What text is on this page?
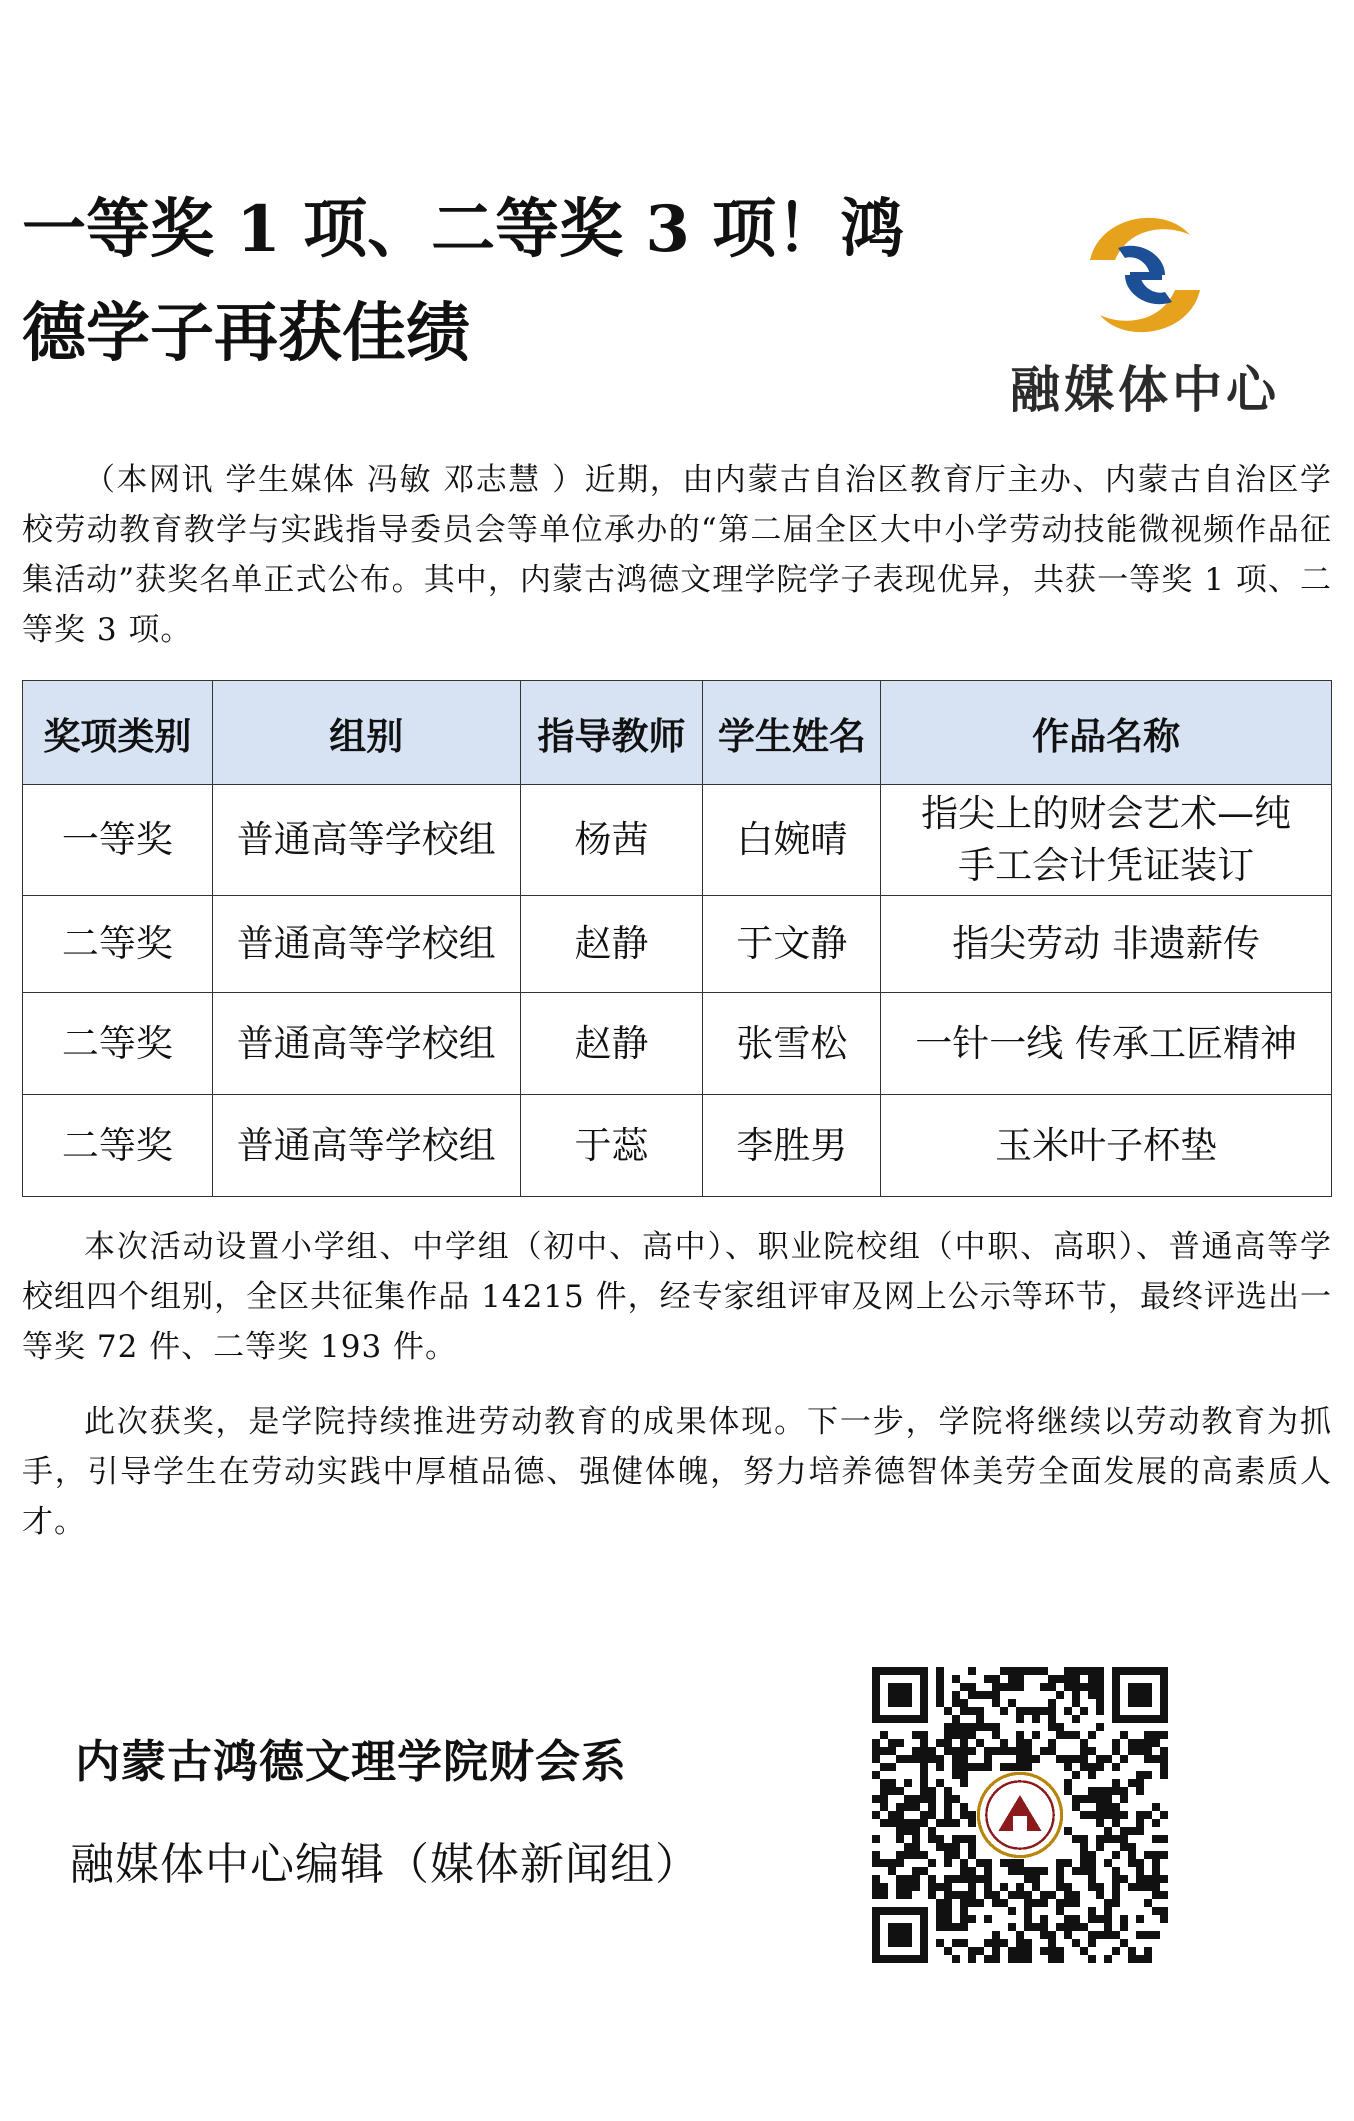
一等奖 1 项、二等奖 3 项！鸿德学子再获佳绩
融媒体中心

（本网讯 学生媒体 冯敏 邓志慧 ）近期，由内蒙古自治区教育厅主办、内蒙古自治区学校劳动教育教学与实践指导委员会等单位承办的“第二届全区大中小学劳动技能微视频作品征集活动”获奖名单正式公布。其中，内蒙古鸿德文理学院学子表现优异，共获一等奖 1 项、二等奖 3 项。

奖项类别	组别	指导教师	学生姓名	作品名称
一等奖	普通高等学校组	杨茜	白婉晴	指尖上的财会艺术—纯手工会计凭证装订
二等奖	普通高等学校组	赵静	于文静	指尖劳动 非遗薪传
二等奖	普通高等学校组	赵静	张雪松	一针一线 传承工匠精神
二等奖	普通高等学校组	于蕊	李胜男	玉米叶子杯垫

本次活动设置小学组、中学组（初中、高中）、职业院校组（中职、高职）、普通高等学校组四个组别，全区共征集作品 14215 件，经专家组评审及网上公示等环节，最终评选出一等奖 72 件、二等奖 193 件。

此次获奖，是学院持续推进劳动教育的成果体现。下一步，学院将继续以劳动教育为抓手，引导学生在劳动实践中厚植品德、强健体魄，努力培养德智体美劳全面发展的高素质人才。

内蒙古鸿德文理学院财会系
融媒体中心编辑（媒体新闻组）
